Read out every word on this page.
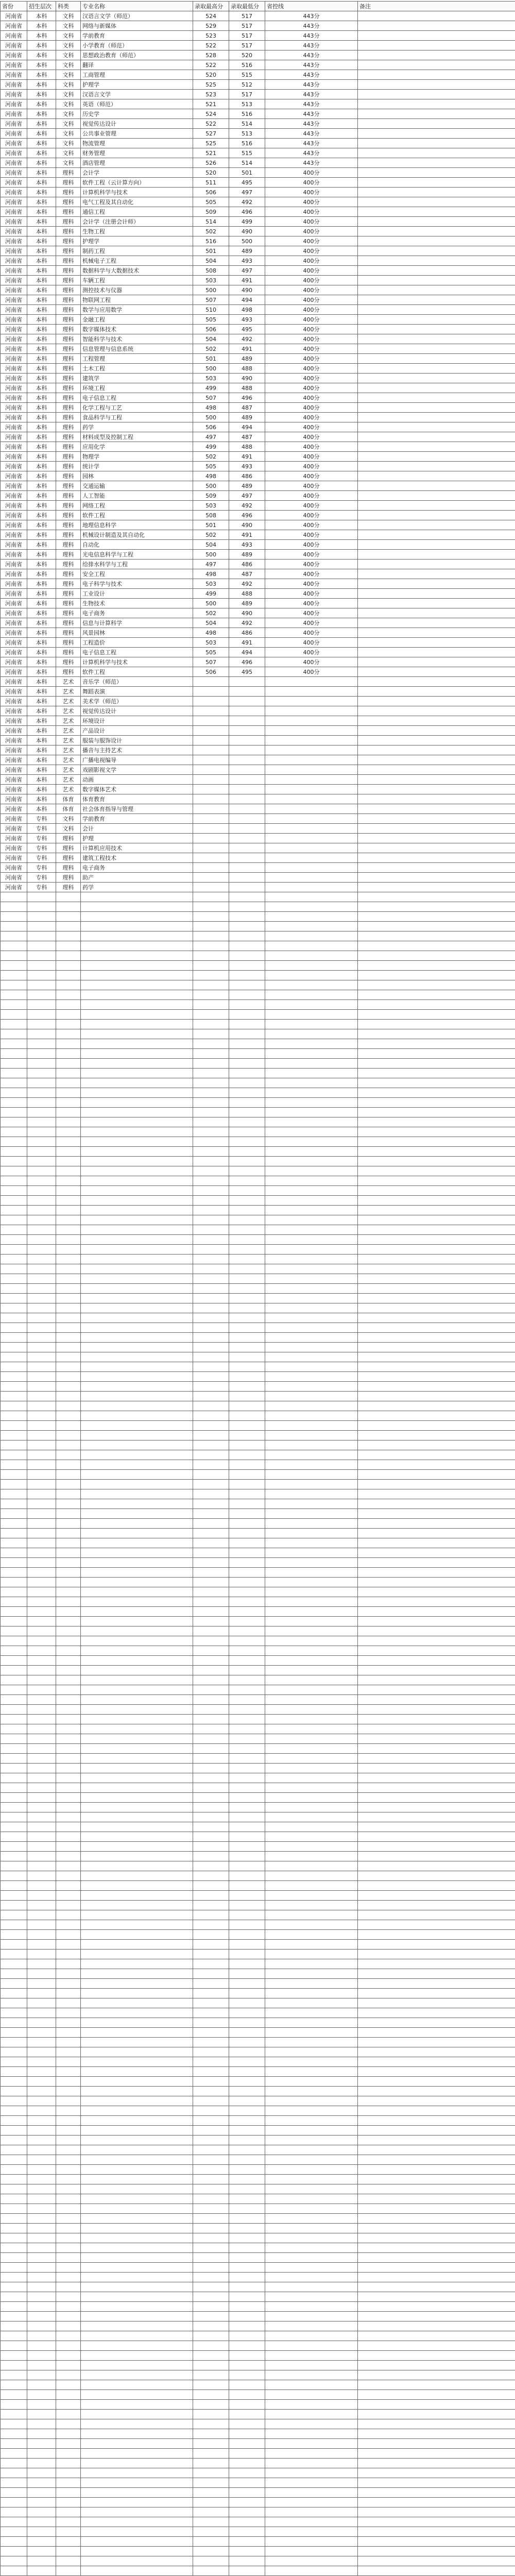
省份	招生层次	科类	专业名称	录取最高分	录取最低分	省控线	备注
河南省	本科	文科	汉语言文学（师范）	524	517	443分	
河南省	本科	文科	网络与新媒体	529	517	443分	
河南省	本科	文科	学前教育	523	517	443分	
河南省	本科	文科	小学教育（师范）	522	517	443分	
河南省	本科	文科	思想政治教育（师范）	528	520	443分	
河南省	本科	文科	翻译	522	516	443分	
河南省	本科	文科	工商管理	520	515	443分	
河南省	本科	文科	护理学	525	512	443分	
河南省	本科	文科	汉语言文学	523	517	443分	
河南省	本科	文科	英语（师范）	521	513	443分	
河南省	本科	文科	历史学	524	516	443分	
河南省	本科	文科	视觉传达设计	522	514	443分	
河南省	本科	文科	公共事业管理	527	513	443分	
河南省	本科	文科	物流管理	525	516	443分	
河南省	本科	文科	财务管理	521	515	443分	
河南省	本科	文科	酒店管理	526	514	443分	
河南省	本科	理科	会计学	520	501	400分	
河南省	本科	理科	软件工程（云计算方向）	511	495	400分	
河南省	本科	理科	计算机科学与技术	506	497	400分	
河南省	本科	理科	电气工程及其自动化	505	492	400分	
河南省	本科	理科	通信工程	509	496	400分	
河南省	本科	理科	会计学（注册会计师）	514	499	400分	
河南省	本科	理科	生物工程	502	490	400分	
河南省	本科	理科	护理学	516	500	400分	
河南省	本科	理科	制药工程	501	489	400分	
河南省	本科	理科	机械电子工程	504	493	400分	
河南省	本科	理科	数据科学与大数据技术	508	497	400分	
河南省	本科	理科	车辆工程	503	491	400分	
河南省	本科	理科	测控技术与仪器	500	490	400分	
河南省	本科	理科	物联网工程	507	494	400分	
河南省	本科	理科	数学与应用数学	510	498	400分	
河南省	本科	理科	金融工程	505	493	400分	
河南省	本科	理科	数字媒体技术	506	495	400分	
河南省	本科	理科	智能科学与技术	504	492	400分	
河南省	本科	理科	信息管理与信息系统	502	491	400分	
河南省	本科	理科	工程管理	501	489	400分	
河南省	本科	理科	土木工程	500	488	400分	
河南省	本科	理科	建筑学	503	490	400分	
河南省	本科	理科	环境工程	499	488	400分	
河南省	本科	理科	电子信息工程	507	496	400分	
河南省	本科	理科	化学工程与工艺	498	487	400分	
河南省	本科	理科	食品科学与工程	500	489	400分	
河南省	本科	理科	药学	506	494	400分	
河南省	本科	理科	材料成型及控制工程	497	487	400分	
河南省	本科	理科	应用化学	499	488	400分	
河南省	本科	理科	物理学	502	491	400分	
河南省	本科	理科	统计学	505	493	400分	
河南省	本科	理科	园林	498	486	400分	
河南省	本科	理科	交通运输	500	489	400分	
河南省	本科	理科	人工智能	509	497	400分	
河南省	本科	理科	网络工程	503	492	400分	
河南省	本科	理科	软件工程	508	496	400分	
河南省	本科	理科	地理信息科学	501	490	400分	
河南省	本科	理科	机械设计制造及其自动化	502	491	400分	
河南省	本科	理科	自动化	504	493	400分	
河南省	本科	理科	光电信息科学与工程	500	489	400分	
河南省	本科	理科	给排水科学与工程	497	486	400分	
河南省	本科	理科	安全工程	498	487	400分	
河南省	本科	理科	电子科学与技术	503	492	400分	
河南省	本科	理科	工业设计	499	488	400分	
河南省	本科	理科	生物技术	500	489	400分	
河南省	本科	理科	电子商务	502	490	400分	
河南省	本科	理科	信息与计算科学	504	492	400分	
河南省	本科	理科	风景园林	498	486	400分	
河南省	本科	理科	工程造价	503	491	400分	
河南省	本科	理科	电子信息工程	505	494	400分	
河南省	本科	理科	计算机科学与技术	507	496	400分	
河南省	本科	理科	软件工程	506	495	400分	
河南省	本科	艺术	音乐学（师范）				
河南省	本科	艺术	舞蹈表演				
河南省	本科	艺术	美术学（师范）				
河南省	本科	艺术	视觉传达设计				
河南省	本科	艺术	环境设计				
河南省	本科	艺术	产品设计				
河南省	本科	艺术	服装与服饰设计				
河南省	本科	艺术	播音与主持艺术				
河南省	本科	艺术	广播电视编导				
河南省	本科	艺术	戏剧影视文学				
河南省	本科	艺术	动画				
河南省	本科	艺术	数字媒体艺术				
河南省	本科	体育	体育教育				
河南省	本科	体育	社会体育指导与管理				
河南省	专科	文科	学前教育				
河南省	专科	文科	会计				
河南省	专科	理科	护理				
河南省	专科	理科	计算机应用技术				
河南省	专科	理科	建筑工程技术				
河南省	专科	理科	电子商务				
河南省	专科	理科	助产				
河南省	专科	理科	药学				
